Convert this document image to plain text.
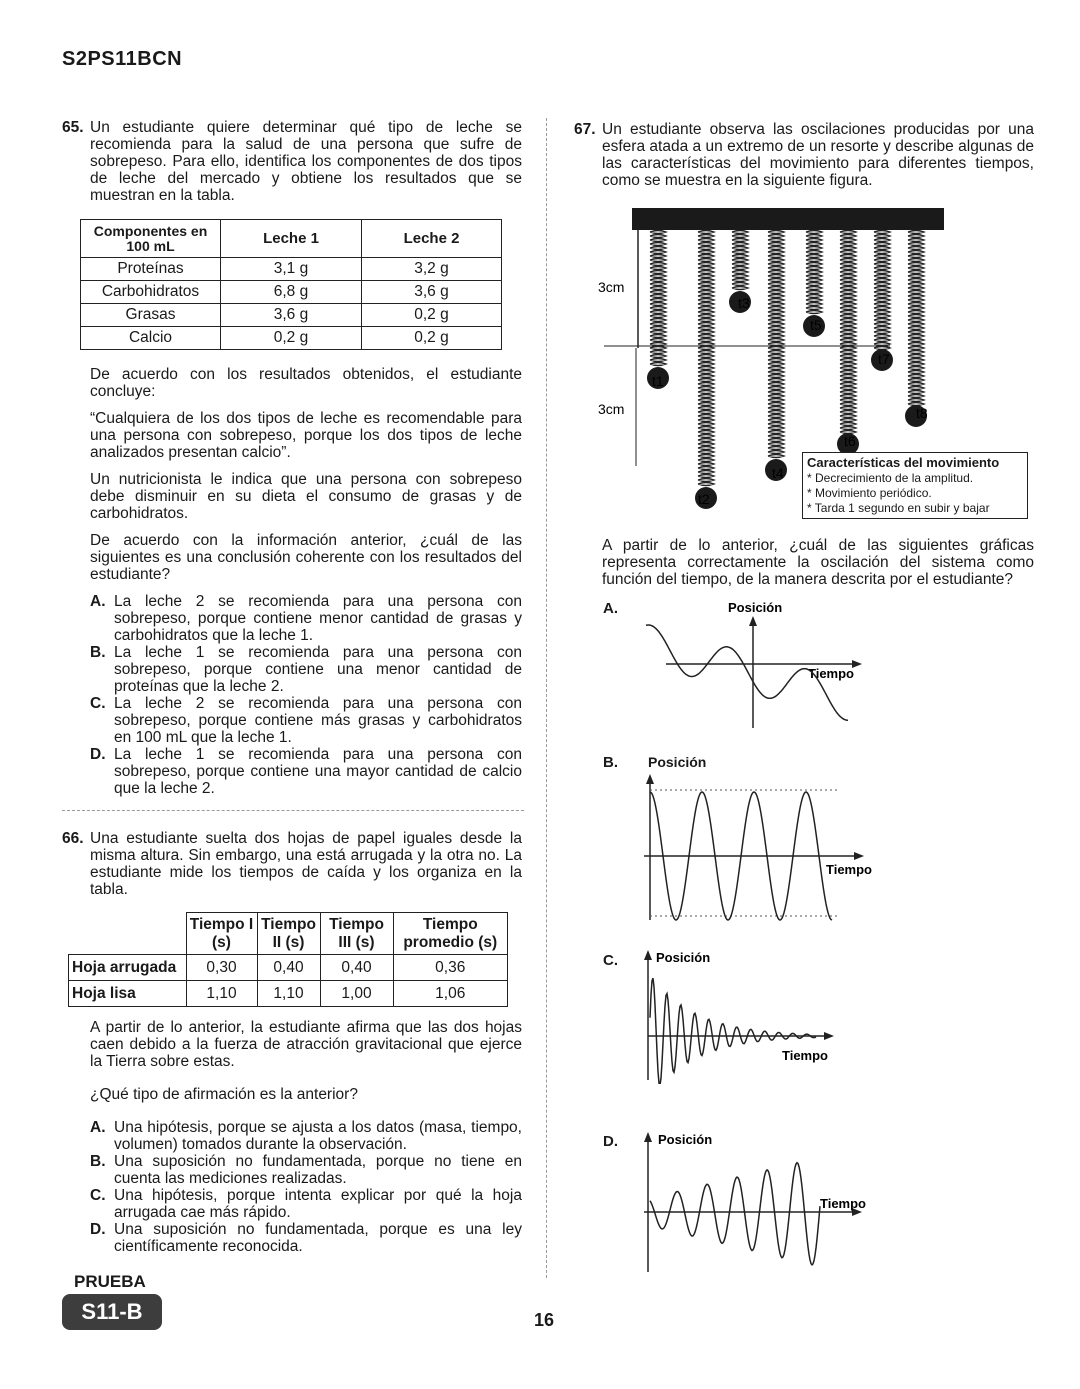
S2PS11BCN
65. Un estudiante quiere determinar qué tipo de leche se recomienda para la salud de una persona que sufre de sobrepeso. Para ello, identifica los componentes de dos tipos de leche del mercado y obtiene los resultados que se muestran en la tabla.

Componentes en 100 mL	Leche 1	Leche 2
Proteínas	3,1 g	3,2 g
Carbohidratos	6,8 g	3,6 g
Grasas	3,6 g	0,2 g
Calcio	0,2 g	0,2 g

De acuerdo con los resultados obtenidos, el estudiante concluye:

“Cualquiera de los dos tipos de leche es recomendable para una persona con sobrepeso, porque los dos tipos de leche analizados presentan calcio”.

Un nutricionista le indica que una persona con sobrepeso debe disminuir en su dieta el consumo de grasas y de carbohidratos.

De acuerdo con la información anterior, ¿cuál de las siguientes es una conclusión coherente con los resultados del estudiante?

A. La leche 2 se recomienda para una persona con sobrepeso, porque contiene menor cantidad de grasas y carbohidratos que la leche 1.
B. La leche 1 se recomienda para una persona con sobrepeso, porque contiene una menor cantidad de proteínas que la leche 2.
C. La leche 2 se recomienda para una persona con sobrepeso, porque contiene más grasas y carbohidratos en 100 mL que la leche 1.
D. La leche 1 se recomienda para una persona con sobrepeso, porque contiene una mayor cantidad de calcio que la leche 2.
66. Una estudiante suelta dos hojas de papel iguales desde la misma altura. Sin embargo, una está arrugada y la otra no. La estudiante mide los tiempos de caída y los organiza en la tabla.

	Tiempo I (s)	Tiempo II (s)	Tiempo III (s)	Tiempo promedio (s)
Hoja arrugada	0,30	0,40	0,40	0,36
Hoja lisa	1,10	1,10	1,00	1,06

A partir de lo anterior, la estudiante afirma que las dos hojas caen debido a la fuerza de atracción gravitacional que ejerce la Tierra sobre estas.

¿Qué tipo de afirmación es la anterior?

A. Una hipótesis, porque se ajusta a los datos (masa, tiempo, volumen) tomados durante la observación.
B. Una suposición no fundamentada, porque no tiene en cuenta las mediciones realizadas.
C. Una hipótesis, porque intenta explicar por qué la hoja arrugada cae más rápido.
D. Una suposición no fundamentada, porque es una ley científicamente reconocida.
67. Un estudiante observa las oscilaciones producidas por una esfera atada a un extremo de un resorte y describe algunas de las características del movimiento para diferentes tiempos, como se muestra en la siguiente figura.

3cm
3cm
t1
t2
t3
t4
t5
t6
t7
t8
Características del movimiento
* Decrecimiento de la amplitud.
* Movimiento periódico.
* Tarda 1 segundo en subir y bajar

A partir de lo anterior, ¿cuál de las siguientes gráficas representa correctamente la oscilación del sistema como función del tiempo, de la manera descrita por el estudiante?

A.	Posición
Tiempo
B. Posición
Tiempo
C.	Posición
Tiempo
D.	Posición
Tiempo
PRUEBA
S11-B	16
